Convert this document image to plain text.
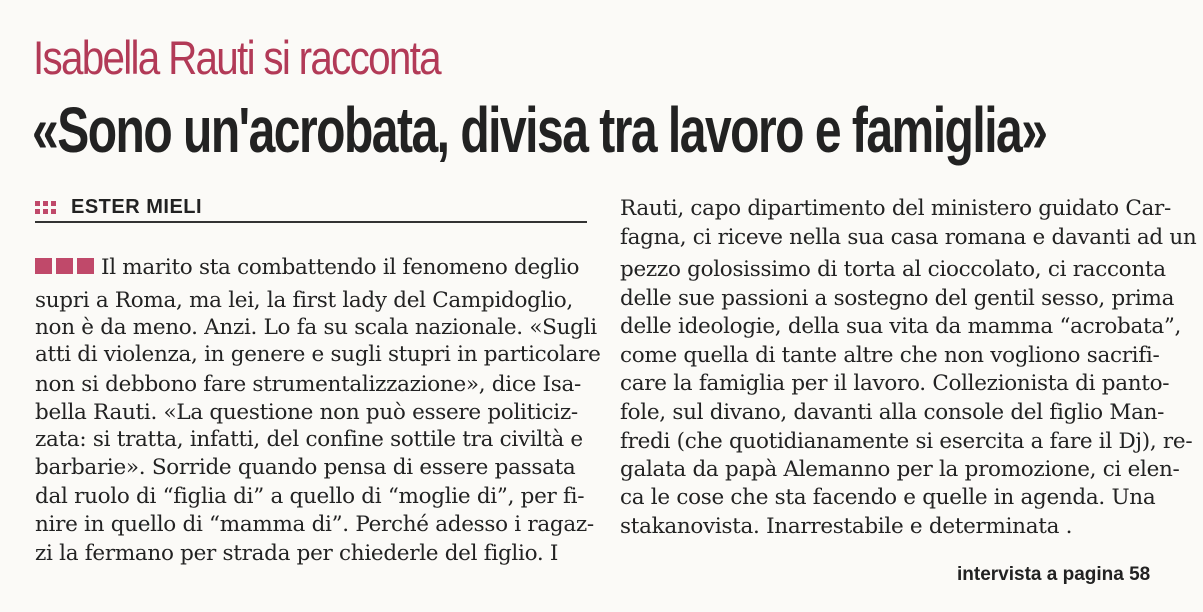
Isabella Rauti si racconta
«Sono un'acrobata, divisa tra lavoro e famiglia»
ESTER MIELI
Il marito sta combattendo il fenomeno deglio
supri a Roma, ma lei, la first lady del Campidoglio,
non è da meno. Anzi. Lo fa su scala nazionale. «Sugli
atti di violenza, in genere e sugli stupri in particolare
non si debbono fare strumentalizzazione», dice Isa-
bella Rauti. «La questione non può essere politiciz-
zata: si tratta, infatti, del confine sottile tra civiltà e
barbarie». Sorride quando pensa di essere passata
dal ruolo di “figlia di” a quello di “moglie di”, per fi-
nire in quello di “mamma di”. Perché adesso i ragaz-
zi la fermano per strada per chiederle del figlio. I
Rauti, capo dipartimento del ministero guidato Car-
fagna, ci riceve nella sua casa romana e davanti ad un
pezzo golosissimo di torta al cioccolato, ci racconta
delle sue passioni a sostegno del gentil sesso, prima
delle ideologie, della sua vita da mamma “acrobata”,
come quella di tante altre che non vogliono sacrifi-
care la famiglia per il lavoro. Collezionista di panto-
fole, sul divano, davanti alla console del figlio Man-
fredi (che quotidianamente si esercita a fare il Dj), re-
galata da papà Alemanno per la promozione, ci elen-
ca le cose che sta facendo e quelle in agenda. Una
stakanovista. Inarrestabile e determinata .
intervista a pagina 58
